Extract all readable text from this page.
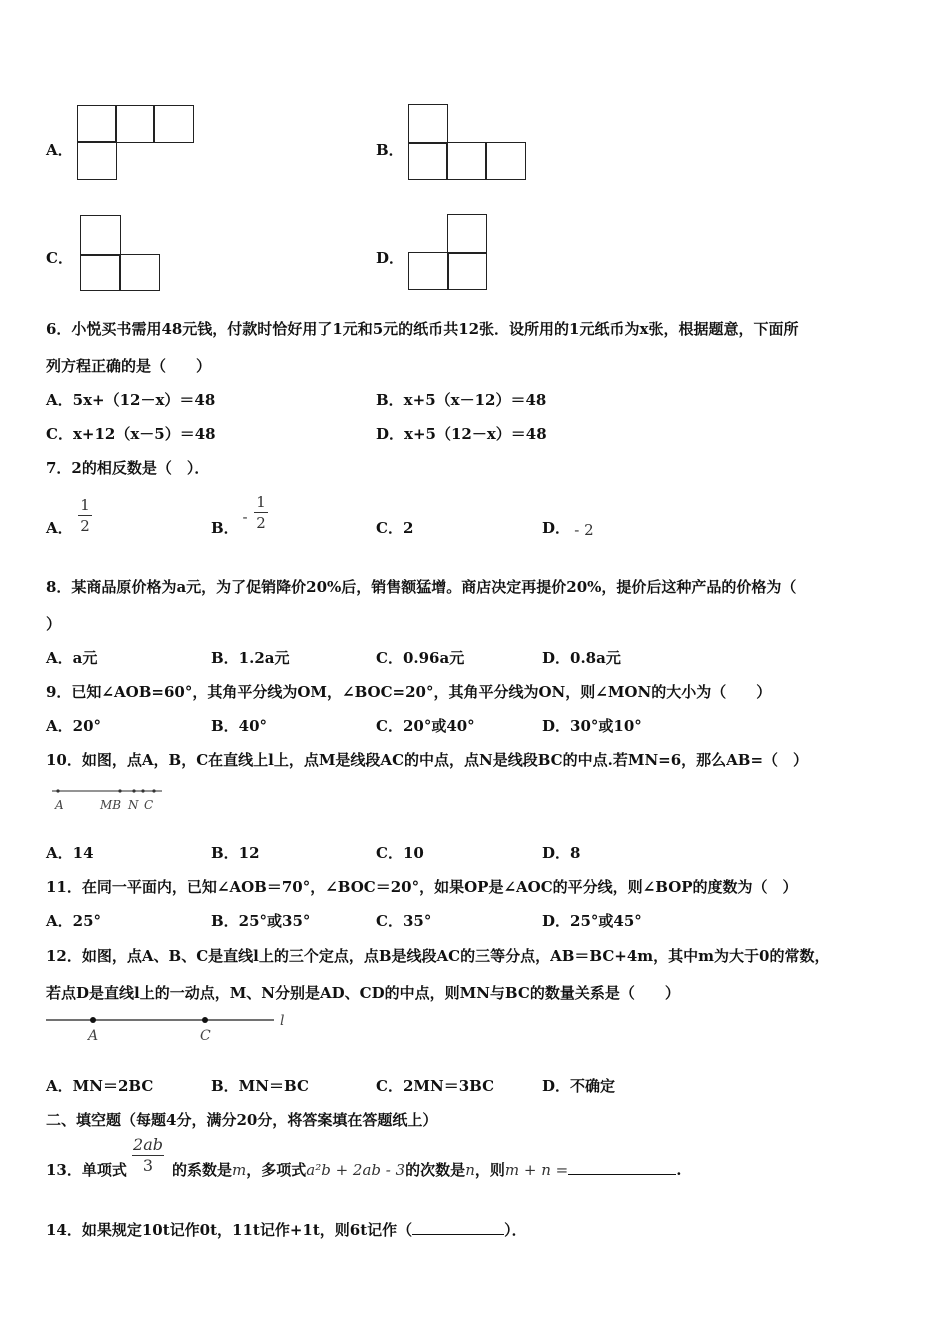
A．	B．
C．	D．
6．小悦买书需用48元钱，付款时恰好用了1元和5元的纸币共12张．设所用的1元纸币为x张，根据题意，下面所
列方程正确的是（　　）
A．5x+（12－x）＝48	B．x+5（x－12）＝48
C．x+12（x－5）＝48	D．x+5（12－x）＝48
7．2的相反数是（　）．
A．
1
2	B．
-
1
2	C．2	D． - 2
8．某商品原价格为a元，为了促销降价20%后，销售额猛增。商店决定再提价20%，提价后这种产品的价格为（
）
A．a元	B．1.2a元	C．0.96a元	D．0.8a元
9．已知∠AOB=60°，其角平分线为OM，∠BOC=20°，其角平分线为ON，则∠MON的大小为（　　）
A．20°	B．40°	C．20°或40°	D．30°或10°
10．如图，点A，B，C在直线上l上，点M是线段AC的中点，点N是线段BC的中点.若MN=6，那么AB=（　）
A	MB N C
A．14	B．12	C．10	D．8
11．在同一平面内，已知∠AOB＝70°，∠BOC＝20°，如果OP是∠AOC的平分线，则∠BOP的度数为（　）
A．25°	B．25°或35°	C．35°	D．25°或45°
12．如图，点A、B、C是直线l上的三个定点，点B是线段AC的三等分点，AB＝BC+4m，其中m为大于0的常数，
若点D是直线l上的一动点，M、N分别是AD、CD的中点，则MN与BC的数量关系是（　　）
A	C
l
A．MN＝2BC	B．MN＝BC	C．2MN＝3BC	D．不确定
二、填空题（每题4分，满分20分，将答案填在答题纸上）
13．单项式
2ab
3	的系数是m，多项式a²b + 2ab - 3的次数是n，则m + n =	.
14．如果规定10t记作0t，11t记作+1t，则6t记作（	）．
